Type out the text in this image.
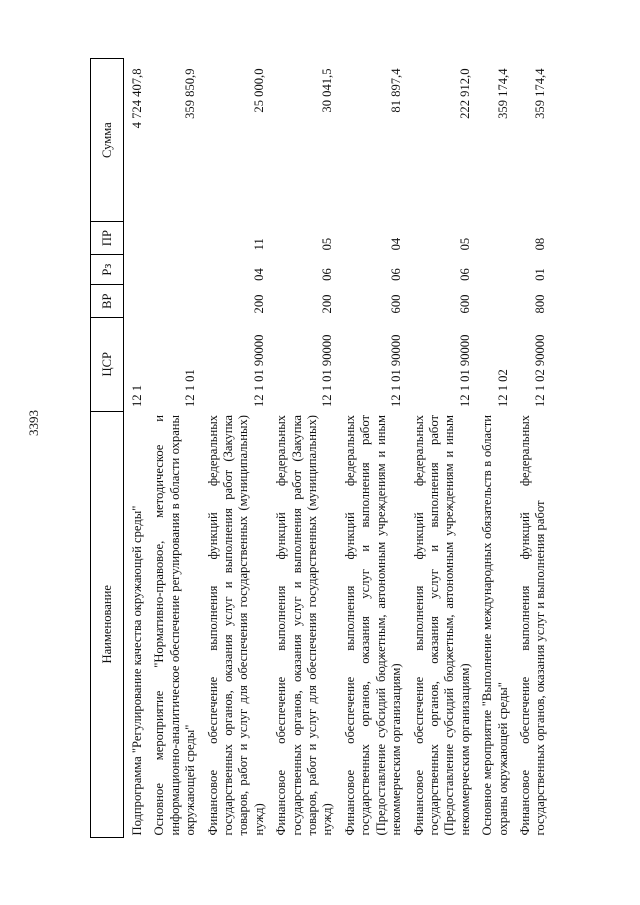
3393
Наименование	ЦСР	ВР	Рз	ПР	Сумма
Подпрограмма "Регулирование качества окружающей среды"	12 1				4 724 407,8
Основное мероприятие "Нормативно-правовое, методическое и информационно-аналитическое обеспечение регулирования в области охраны окружающей среды"	12 1 01				359 850,9
Финансовое обеспечение выполнения функций федеральных государственных органов, оказания услуг и выполнения работ (Закупка товаров, работ и услуг для обеспечения государственных (муниципальных) нужд)	12 1 01 90000	200	04	11	25 000,0
Финансовое обеспечение выполнения функций федеральных государственных органов, оказания услуг и выполнения работ (Закупка товаров, работ и услуг для обеспечения государственных (муниципальных) нужд)	12 1 01 90000	200	06	05	30 041,5
Финансовое обеспечение выполнения функций федеральных государственных органов, оказания услуг и выполнения работ (Предоставление субсидий бюджетным, автономным учреждениям и иным некоммерческим организациям)	12 1 01 90000	600	06	04	81 897,4
Финансовое обеспечение выполнения функций федеральных государственных органов, оказания услуг и выполнения работ (Предоставление субсидий бюджетным, автономным учреждениям и иным некоммерческим организациям)	12 1 01 90000	600	06	05	222 912,0
Основное мероприятие "Выполнение международных обязательств в области охраны окружающей среды"	12 1 02				359 174,4
Финансовое обеспечение выполнения функций федеральных государственных органов, оказания услуг и выполнения работ	12 1 02 90000	800	01	08	359 174,4
